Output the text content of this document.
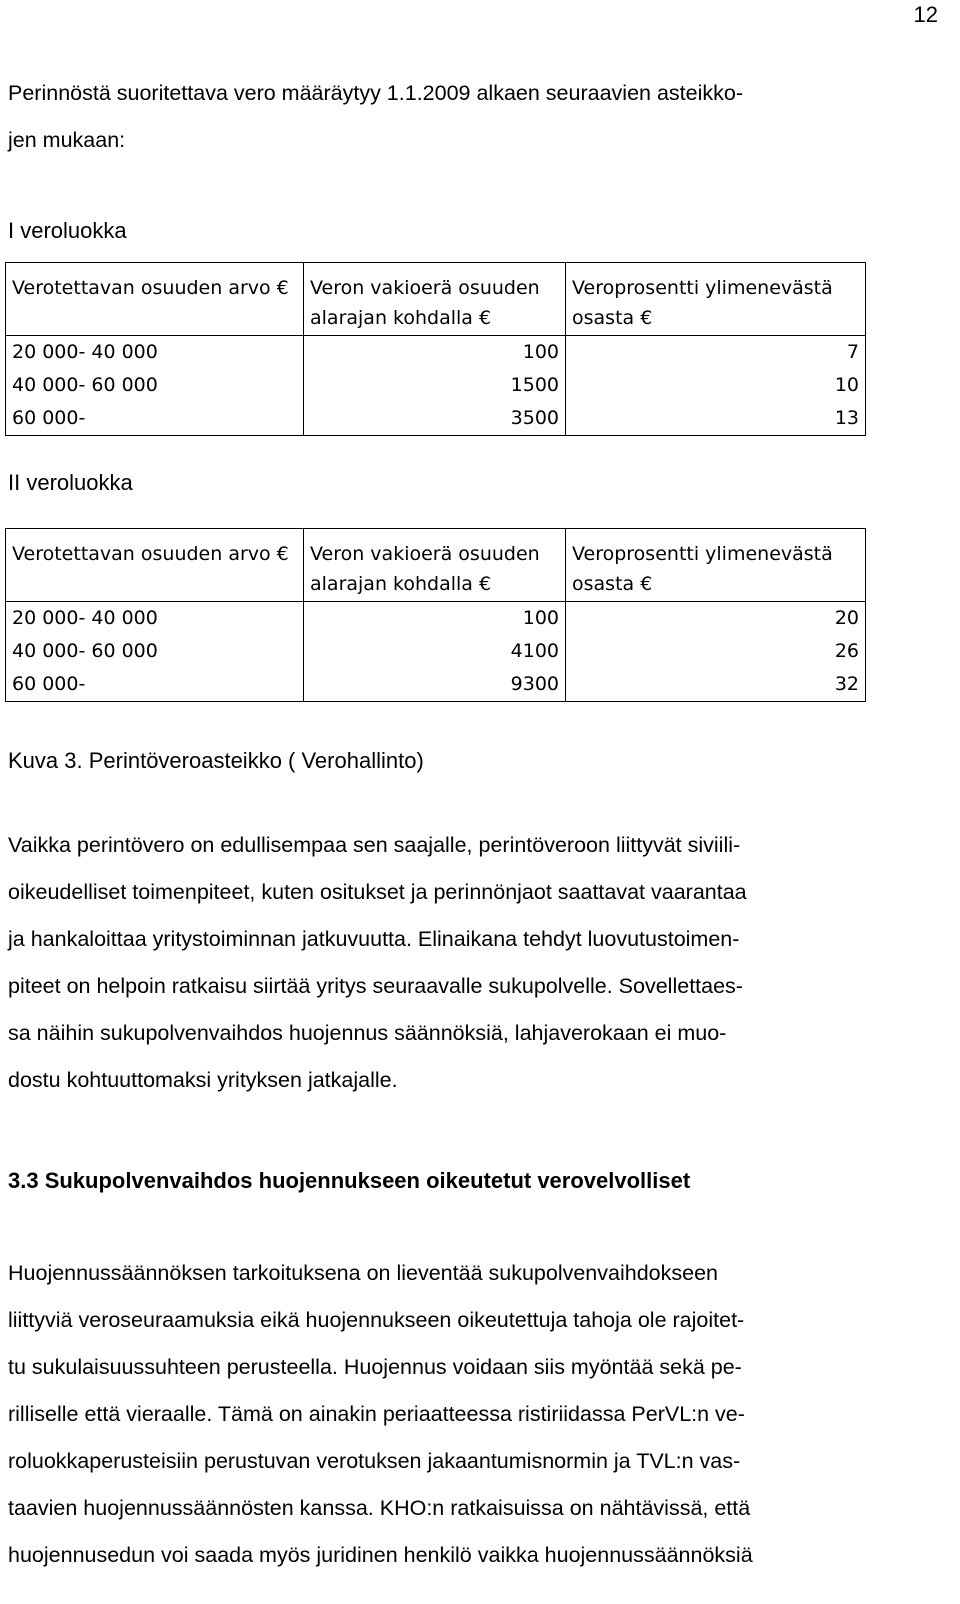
12

Perinnöstä suoritettava vero määräytyy 1.1.2009 alkaen seuraavien asteikko-
jen mukaan:

I veroluokka

Verotettavan osuuden arvo €	Veron vakioerä osuuden alarajan kohdalla €	Veroprosentti ylimenevästä osasta €
20 000- 40 000	100	7
40 000- 60 000	1500	10
60 000-	3500	13

II veroluokka

Verotettavan osuuden arvo €	Veron vakioerä osuuden alarajan kohdalla €	Veroprosentti ylimenevästä osasta €
20 000- 40 000	100	20
40 000- 60 000	4100	26
60 000-	9300	32

Kuva 3. Perintöveroasteikko ( Verohallinto)

Vaikka perintövero on edullisempaa sen saajalle, perintöveroon liittyvät siviili-
oikeudelliset toimenpiteet, kuten ositukset ja perinnönjaot saattavat vaarantaa
ja hankaloittaa yritystoiminnan jatkuvuutta. Elinaikana tehdyt luovutustoimen-
piteet on helpoin ratkaisu siirtää yritys seuraavalle sukupolvelle. Sovellettaes-
sa näihin sukupolvenvaihdos huojennus säännöksiä, lahjaverokaan ei muo-
dostu kohtuuttomaksi yrityksen jatkajalle.

3.3 Sukupolvenvaihdos huojennukseen oikeutetut verovelvolliset

Huojennussäännöksen tarkoituksena on lieventää sukupolvenvaihdokseen
liittyviä veroseuraamuksia eikä huojennukseen oikeutettuja tahoja ole rajoitet-
tu sukulaisuussuhteen perusteella. Huojennus voidaan siis myöntää sekä pe-
rilliselle että vieraalle. Tämä on ainakin periaatteessa ristiriidassa PerVL:n ve-
roluokkaperusteisiin perustuvan verotuksen jakaantumisnormin ja TVL:n vas-
taavien huojennussäännösten kanssa. KHO:n ratkaisuissa on nähtävissä, että
huojennusedun voi saada myös juridinen henkilö vaikka huojennussäännöksiä
